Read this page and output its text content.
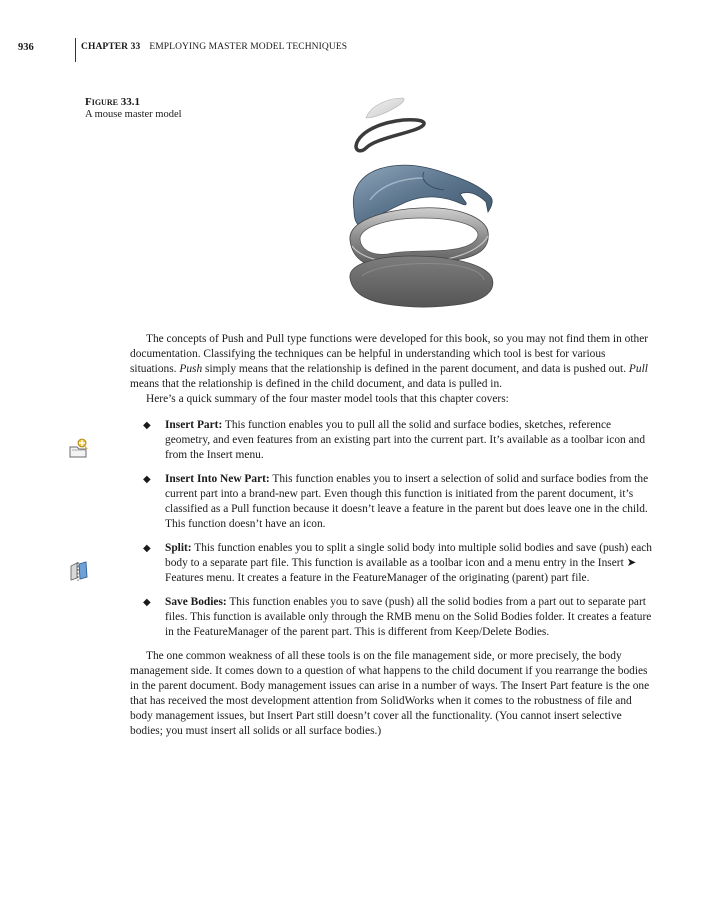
936	CHAPTER 33 EMPLOYING MASTER MODEL TECHNIQUES
Figure 33.1
A mouse master model

The concepts of Push and Pull type functions were developed for this book, so you may not find them in other documentation. Classifying the techniques can be helpful in understanding which tool is best for various situations. Push simply means that the relationship is defined in the parent document, and data is pushed out. Pull means that the relationship is defined in the child document, and data is pulled in.

Here’s a quick summary of the four master model tools that this chapter covers:

◆ Insert Part: This function enables you to pull all the solid and surface bodies, sketches, reference geometry, and even features from an existing part into the current part. It’s available as a toolbar icon and from the Insert menu.
◆ Insert Into New Part: This function enables you to insert a selection of solid and surface bodies from the current part into a brand-new part. Even though this function is initiated from the parent document, it’s classified as a Pull function because it doesn’t leave a feature in the parent but does leave one in the child. This function doesn’t have an icon.
◆ Split: This function enables you to split a single solid body into multiple solid bodies and save (push) each body to a separate part file. This function is available as a toolbar icon and a menu entry in the Insert ➤ Features menu. It creates a feature in the FeatureManager of the originating (parent) part file.
◆ Save Bodies: This function enables you to save (push) all the solid bodies from a part out to separate part files. This function is available only through the RMB menu on the Solid Bodies folder. It creates a feature in the FeatureManager of the parent part. This is different from Keep/Delete Bodies.

The one common weakness of all these tools is on the file management side, or more precisely, the body management side. It comes down to a question of what happens to the child document if you rearrange the bodies in the parent document. Body management issues can arise in a number of ways. The Insert Part feature is the one that has received the most development attention from SolidWorks when it comes to the robustness of file and body management issues, but Insert Part still doesn’t cover all the functionality. (You cannot insert selective bodies; you must insert all solids or all surface bodies.)
